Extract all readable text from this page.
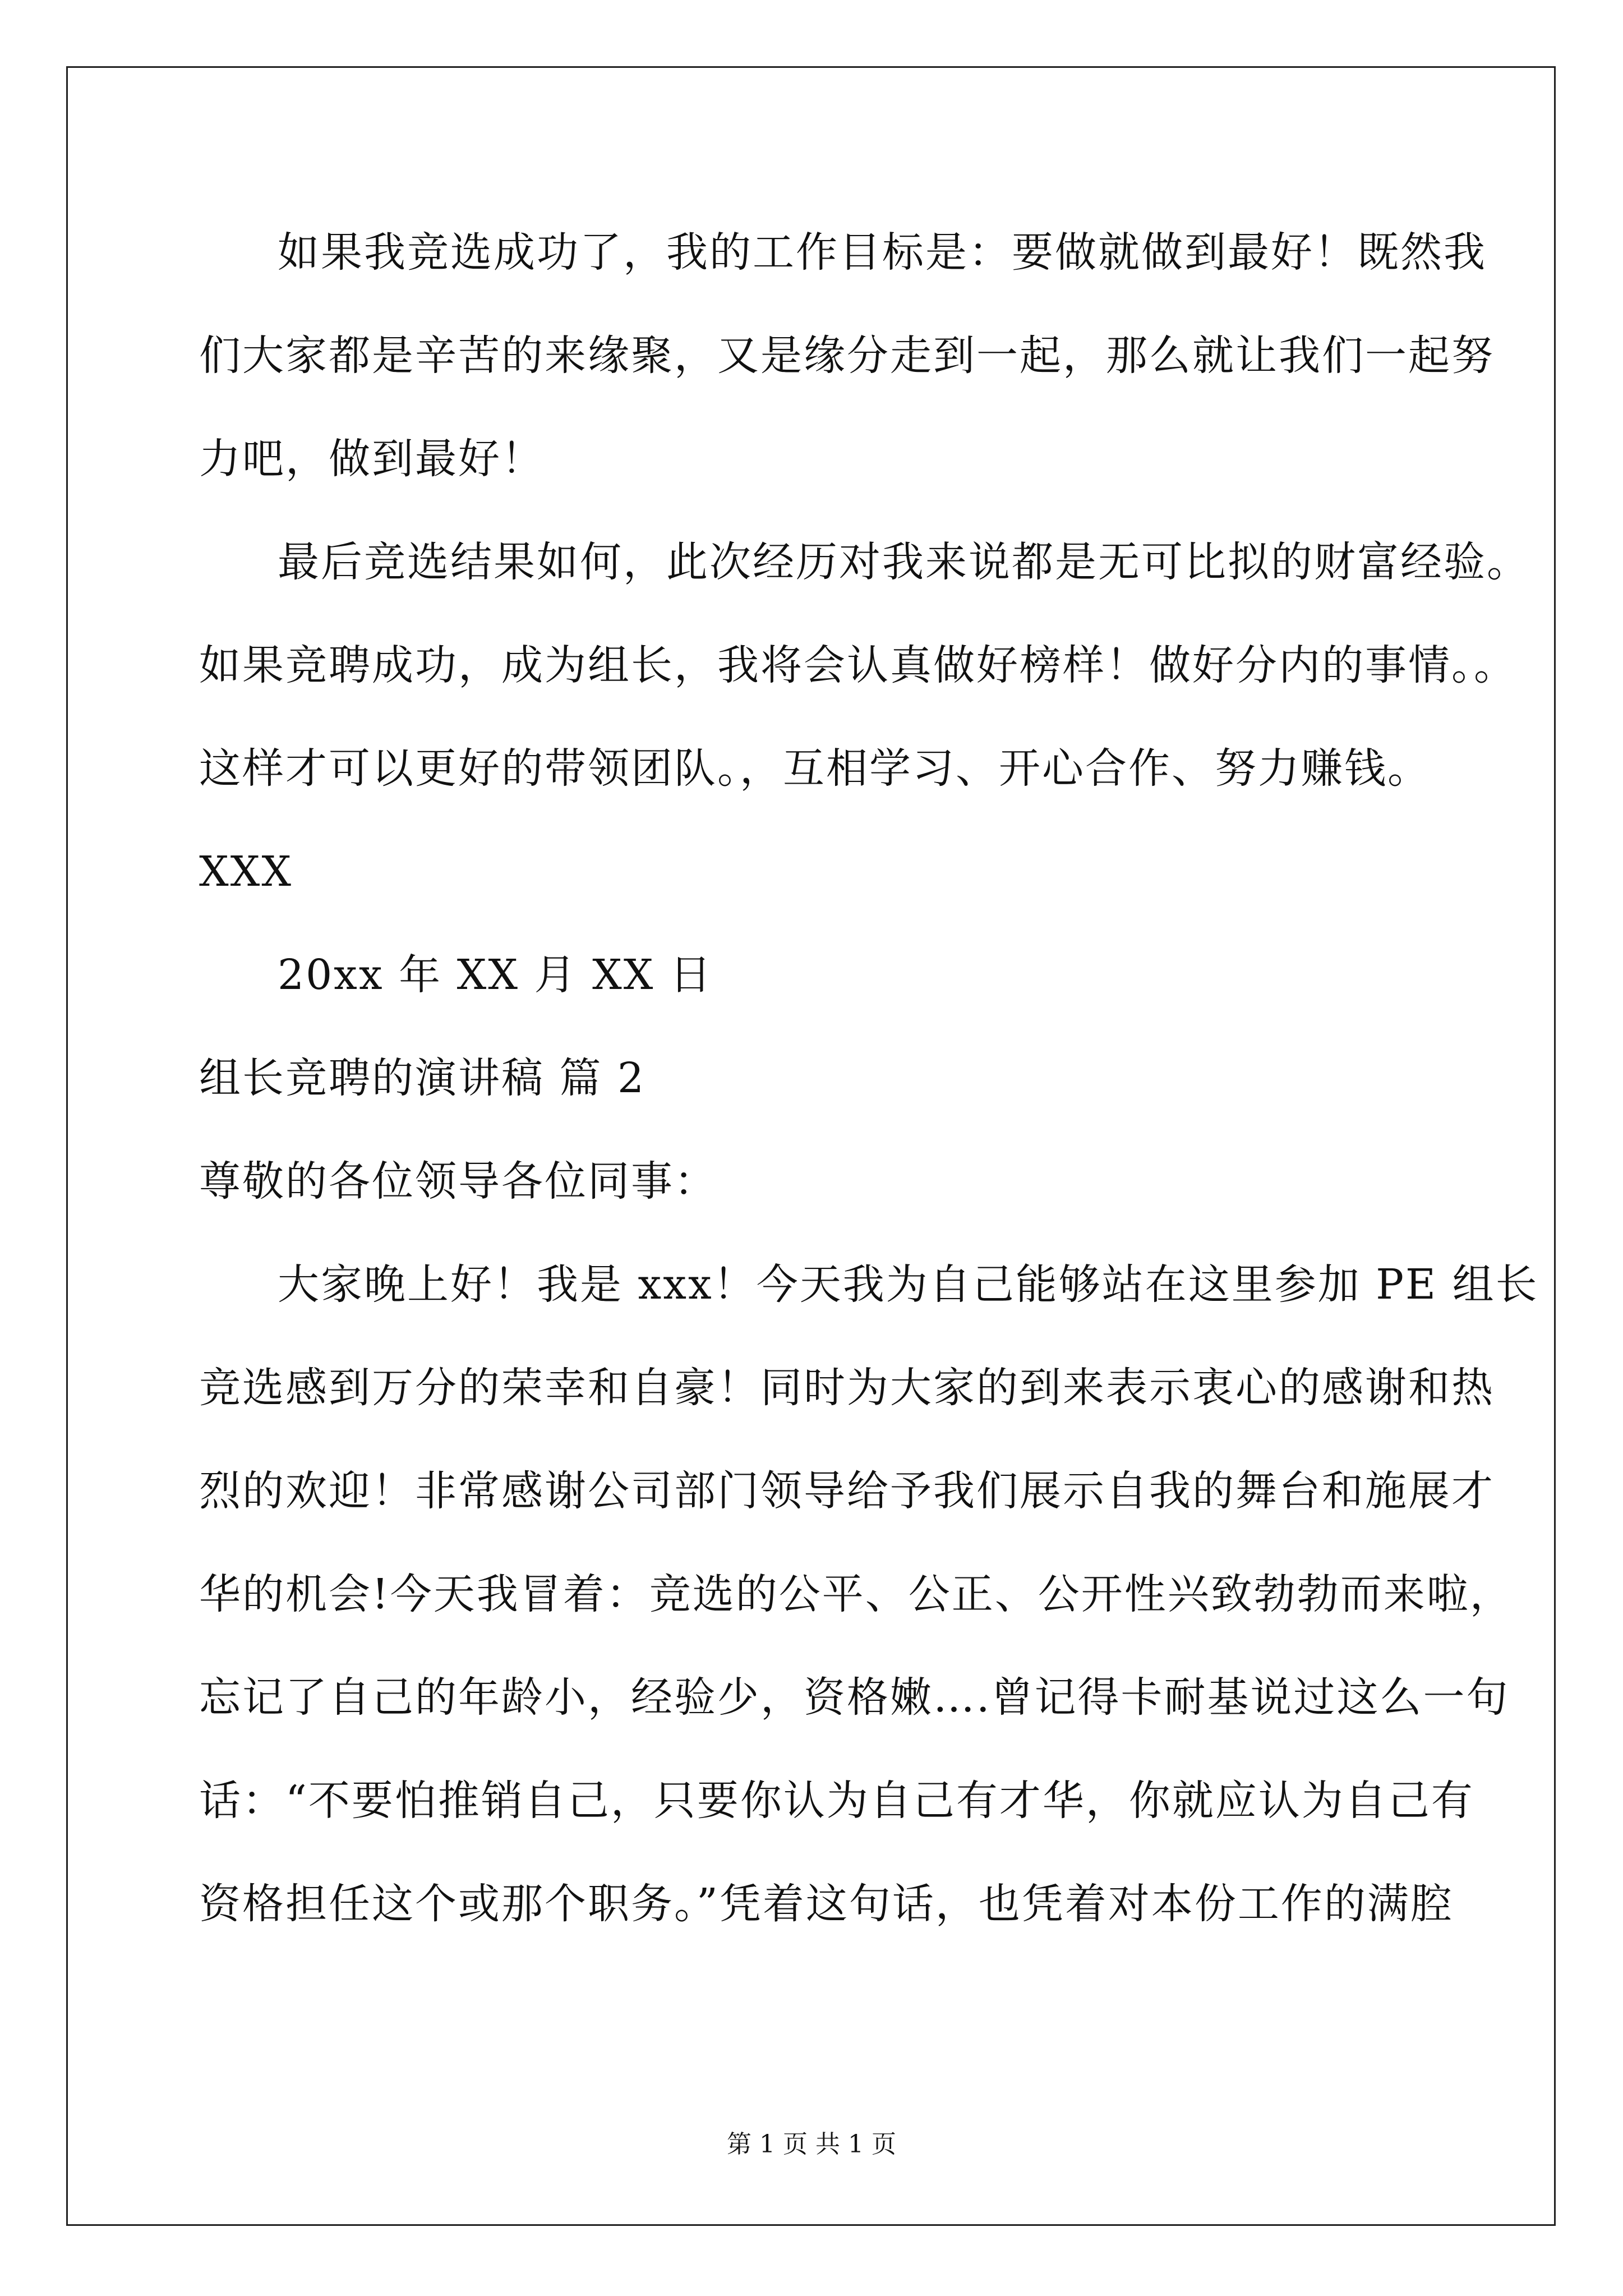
如果我竞选成功了，我的工作目标是：要做就做到最好！既然我
们大家都是辛苦的来缘聚，又是缘分走到一起，那么就让我们一起努
力吧，做到最好！
最后竞选结果如何，此次经历对我来说都是无可比拟的财富经验。
如果竞聘成功，成为组长，我将会认真做好榜样！做好分内的事情。。
这样才可以更好的带领团队。，互相学习、开心合作、努力赚钱。
XXX
20xx 年 XX 月 XX 日
组长竞聘的演讲稿 篇 2
尊敬的各位领导各位同事：
大家晚上好！我是 xxx！今天我为自己能够站在这里参加 PE 组长
竞选感到万分的荣幸和自豪！同时为大家的到来表示衷心的感谢和热
烈的欢迎！非常感谢公司部门领导给予我们展示自我的舞台和施展才
华的机会!今天我冒着：竞选的公平、公正、公开性兴致勃勃而来啦，
忘记了自己的年龄小，经验少，资格嫩….曾记得卡耐基说过这么一句
话：“不要怕推销自己，只要你认为自己有才华，你就应认为自己有
资格担任这个或那个职务。”凭着这句话，也凭着对本份工作的满腔
第 1 页 共 1 页
